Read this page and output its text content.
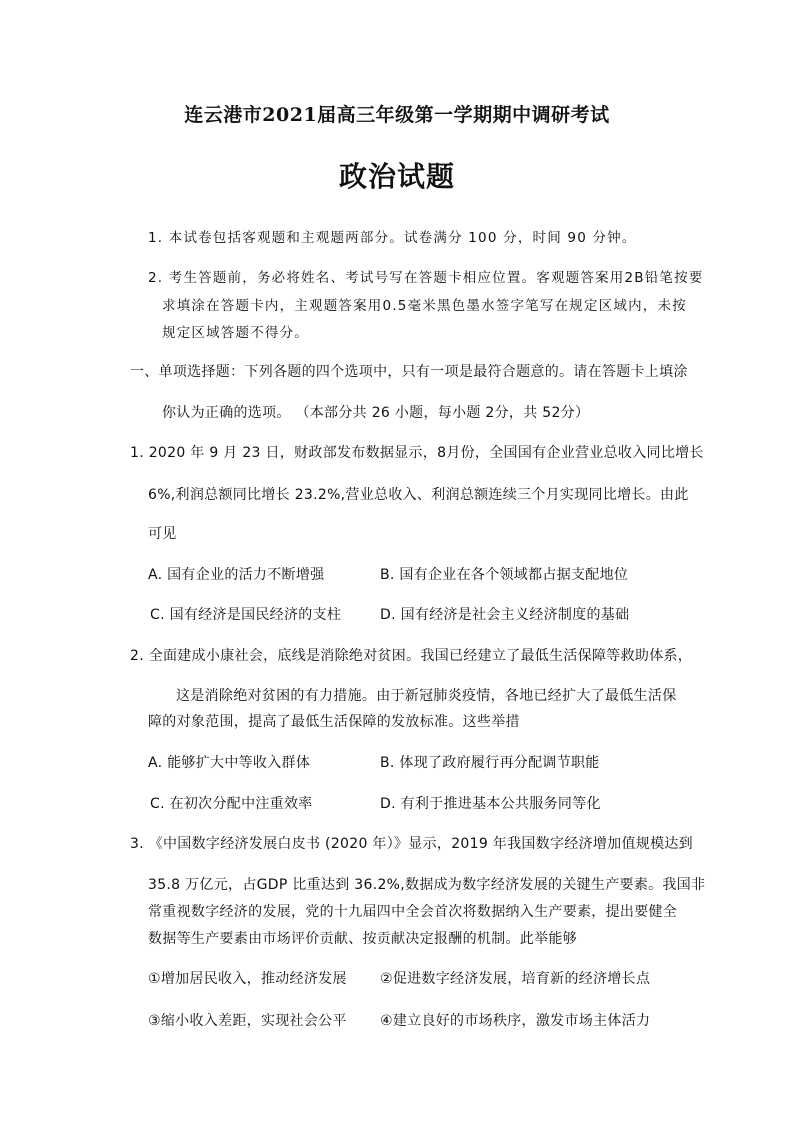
连云港市2021届高三年级第一学期期中调研考试
政治试题
1. 本试卷包括客观题和主观题两部分。试卷满分 100 分，时间 90 分钟。
2. 考生答题前，务必将姓名、考试号写在答题卡相应位置。客观题答案用2B铅笔按要
求填涂在答题卡内，主观题答案用0.5毫米黑色墨水签字笔写在规定区域内，未按
规定区域答题不得分。
一、单项选择题：下列各题的四个选项中，只有一项是最符合题意的。请在答题卡上填涂
你认为正确的选项。 （本部分共 26 小题，每小题 2分，共 52分）
1. 2020 年 9 月 23 日，财政部发布数据显示，8月份，全国国有企业营业总收入同比增长
6%,利润总额同比增长 23.2%,营业总收入、利润总额连续三个月实现同比增长。由此
可见
A. 国有企业的活力不断增强	B. 国有企业在各个领域都占据支配地位
C. 国有经济是国民经济的支柱	D. 国有经济是社会主义经济制度的基础
2. 全面建成小康社会，底线是消除绝对贫困。我国已经建立了最低生活保障等救助体系，
这是消除绝对贫困的有力措施。由于新冠肺炎疫情，各地已经扩大了最低生活保
障的对象范围，提高了最低生活保障的发放标准。这些举措
A. 能够扩大中等收入群体	B. 体现了政府履行再分配调节职能
C. 在初次分配中注重效率	D. 有利于推进基本公共服务同等化
3. 《中国数字经济发展白皮书 (2020 年）》显示，2019 年我国数字经济增加值规模达到
35.8 万亿元，占GDP 比重达到 36.2%,数据成为数字经济发展的关键生产要素。我国非
常重视数字经济的发展，党的十九届四中全会首次将数据纳入生产要素，提出要健全
数据等生产要素由市场评价贡献、按贡献决定报酬的机制。此举能够
①增加居民收入，推动经济发展 ②促进数字经济发展，培育新的经济增长点
③缩小收入差距，实现社会公平 ④建立良好的市场秩序，激发市场主体活力
